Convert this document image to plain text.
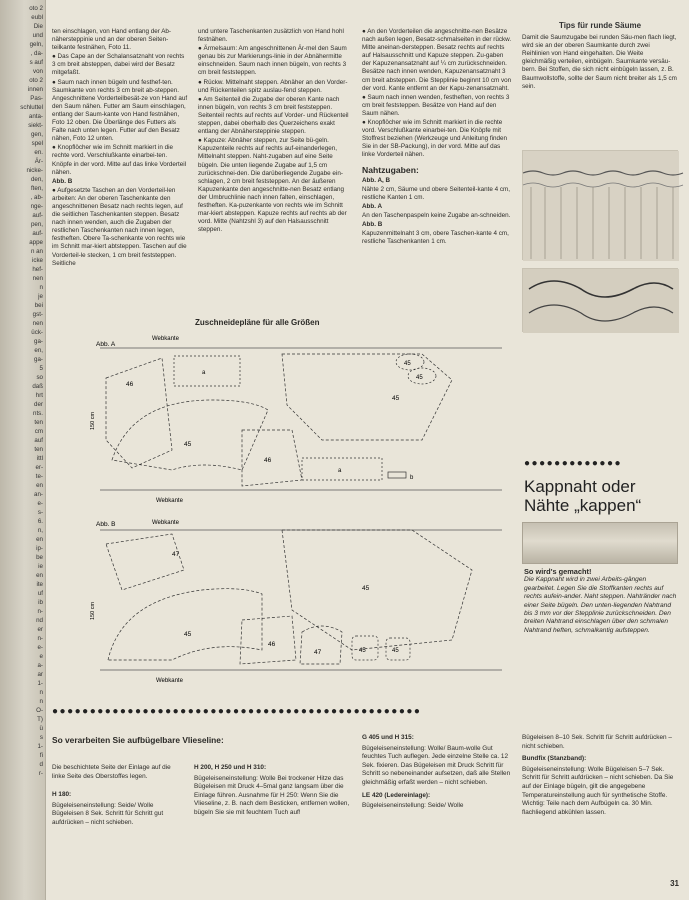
oto 2
eubl
Die
und
geln,
, da-
s auf
von
oto 2
innen
Pas-
schluttel
anta-
siekt-
gen,
spel
en.
Är-
nicke-
den,
ften,
, ab-
nge-
auf-
pen,
auf-
appe
n an
icke
hef-
nen
n
je
bei
gst-
nen
ück-
ga-
en,
ga-
5
so
daß
hrt
der
nts.
ten
cm
auf
ten
ittl
er-
te-
en
an-
e-
s-
6.
n,
en
ip-
be
ie
en
ite
uf
ib
n-
nd
er
n-
e-
e
a-
ar
1-
n
n
O-
T)
ü
s
1-
fi
d
r-

ten einschlagen, von Hand entlang der Ab-nähersteppinie und an der oberen Seiten-teilkante festnähen, Foto 11.

● Das Cape an der Schalansatznaht von rechts 3 cm breit absteppen, dabei wird der Besatz mitgefaßt.

● Saum nach innen bügeln und festhef-ten. Saumkante von rechts 3 cm breit ab-steppen. Angeschnittene Vorderteilbesät-ze von Hand auf den Saum nähen. Futter am Saum einschlagen, entlang der Saum-kante von Hand festnähen, Foto 12 oben. Die Überlänge des Futters als Falte nach unten legen. Futter auf den Besatz nähen, Foto 12 unten.

● Knopflöcher wie im Schnitt markiert in die rechte vord. Verschlußkante einarbei-ten. Knöpfe in der vord. Mitte auf das linke Vorderteil nähen.

Abb. B

● Aufgesetzte Taschen an den Vorderteil-len arbeiten: An der oberen Taschenkante den angeschnittenen Besatz nach rechts legen, auf die seitlichen Taschenkanten steppen. Besatz nach innen wenden, auch die Zugaben der restlichen Taschenkanten nach innen legen, festheften. Obere Ta-schenkante von rechts wie im Schnitt mar-kiert abtsteppen. Taschen auf die Vorderteil-le stecken, 1 cm breit feststeppen. Seitliche

und untere Taschenkanten zusätzlich von Hand hohl festnähen.

● Ärmelsaum: Am angeschnittenen Är-mel den Saum genau bis zur Markierungs-linie in der Abnähermitte einschneiden. Saum nach innen bügeln, von rechts 3 cm breit feststeppen.

● Rückw. Mittelnaht steppen. Abnäher an den Vorder- und Rückenteilen spitz auslau-fend steppen.

● Am Seitenteil die Zugabe der oberen Kante nach innen bügeln, von rechts 3 cm breit feststeppen. Seitenteil rechts auf rechts auf Vorder- und Rückenteil steppen, dabei oberhalb des Querzeichens exakt entlang der Abnähersteppinie steppen.

● Kapuze: Abnäher steppen, zur Seite bü-geln. Kapuzenteile rechts auf rechts auf-einanderlegen, Mittelnaht steppen. Naht-zugaben auf eine Seite bügeln. Die unten liegende Zugabe auf 1,5 cm zurückschnei-den. Die darüberliegende Zugabe ein-schlagen, 2 cm breit feststeppen. An der äußeren Kapuzenkante den angeschnitte-nen Besatz entlang der Umbruchlinie nach innen falten, einschlagen, festheften. Ka-puzenkante von rechts wie im Schnitt mar-kiert absteppen. Kapuze rechts auf rechts ab der vord. Mitte (Nahtzshl 3) auf den Halsausschnitt steppen.

● An den Vorderteilen die angeschnitte-nen Besätze nach außen legen, Besatz-schmalseiten in der rückw. Mitte aneinan-dersteppen. Besatz rechts auf rechts auf Halsausschnitt und Kapuze steppen. Zu-gaben der Kapuzenansatznaht auf ¼ cm zurückschneiden. Besätze nach innen wenden, Kapuzenansatznaht 3 cm breit absteppen. Die Stepplinie beginnt 10 cm von der vord. Kante entfernt an der Kapu-zenansatznaht.

● Saum nach innen wenden, festheften, von rechts 3 cm breit feststeppen. Besätze von Hand auf den Saum nähen.

● Knopflöcher wie im Schnitt markiert in die rechte vord. Verschlußkante einarbei-ten. Die Knöpfe mit Stoffrest beziehen (Werkzeuge und Anleitung finden Sie in der SB-Packung), in der vord. Mitte auf das linke Vorderteil nähen.

Nahtzugaben:

Abb. A, B

Nähte 2 cm, Säume und obere Seitenteil-kante 4 cm, restliche Kanten 1 cm.

Abb. A

An den Taschenpaspeln keine Zugabe an-schneiden.

Abb. B

Kapuzenmittelnaht 3 cm, obere Taschen-kante 4 cm, restliche Taschenkanten 1 cm.

Tips für runde Säume

Damit die Saumzugabe bei runden Säu-men flach liegt, wird sie an der oberen Saumkante durch zwei Reihlinien von Hand eingehalten. Die Weite gleichmäßig verteilen, einbügeln. Saumkante versäu-bern. Bei Stoffen, die sich nicht einbügeln lassen, z. B. Baumwollstoffe, sollte der Saum nicht breiter als 1,5 cm sein.

Zuschneidepläne für alle Größen
Abb. A
Webkante
Webkante
150 cm
46
a
45
45
45
45
46
a
b
Abb. B	Webkante
Webkante
150 cm
47
45
45
46
47	45	45
●●●●●●●●●●●●●
Kappnaht oder Nähte „kappen“
So wird's gemacht!
Die Kappnaht wird in zwei Arbeits-gängen gearbeitet. Legen Sie die Stoffkanten rechts auf rechts aufein-ander. Naht steppen. Nahtränder nach einer Seite bügeln. Den unten-liegenden Nahtrand bis 3 mm vor der Stepplinie zurückschneiden. Den breiten Nahtrand einschlagen über den schmalen Nahtrand heften, schmalkantig aufsteppen.
●●●●●●●●●●●●●●●●●●●●●●●●●●●●●●●●●●●●●●●●●●●●●●●●●
So verarbeiten Sie aufbügelbare Vlieseline:

Die beschichtete Seite der Einlage auf die linke Seite des Oberstoffes legen.

H 180:

Bügeleiseneinstellung: Seide/ Wolle Bügeleisen 8 Sek. Schritt für Schritt gut aufdrücken – nicht schieben.

H 200, H 250 und H 310:

Bügeleiseneinstellung: Wolle Bei trockener Hitze das Bügeleisen mit Druck 4–5mal ganz langsam über die Einlage führen. Ausnahme für H 250: Wenn Sie die Vlieseline, z. B. nach dem Besticken, entfernen wollen, bügeln Sie sie mit feuchtem Tuch auf!

G 405 und H 315:

Bügeleiseneinstellung: Wolle/ Baum-wolle Gut feuchtes Tuch auflegen. Jede einzelne Stelle ca. 12 Sek. fixieren. Das Bügeleisen mit Druck Schritt für Schritt so nebeneinander aufsetzen, daß alle Stellen gleichmäßig erfaßt werden – nicht schieben.

LE 420 (Ledereinlage):

Bügeleiseneinstellung: Seide/ Wolle

Bügeleisen 8–10 Sek. Schritt für Schritt aufdrücken – nicht schieben.

Bundfix (Stanzband):

Bügeleiseneinstellung: Wolle Bügeleisen 5–7 Sek. Schritt für Schritt aufdrücken – nicht schieben. Da Sie auf der Einlage bügeln, gilt die angegebene Temperatureinstellung auch für synthetische Stoffe. Wichtig: Teile nach dem Aufbügeln ca. 30 Min. flachliegend abkühlen lassen.

31
